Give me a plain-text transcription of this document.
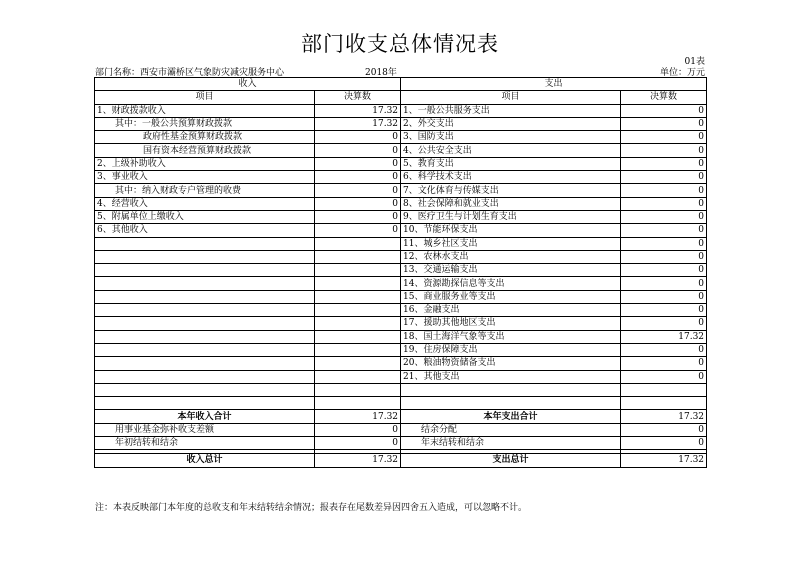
部门收支总体情况表
01表
部门名称：西安市灞桥区气象防灾减灾服务中心	2018年	单位：万元
收入		支出	
项目	决算数	项目	决算数
1、财政拨款收入	17.32	1、一般公共服务支出	0
其中：一般公共预算财政拨款	17.32	2、外交支出	0
政府性基金预算财政拨款	0	3、国防支出	0
国有资本经营预算财政拨款	0	4、公共安全支出	0
2、上级补助收入	0	5、教育支出	0
3、事业收入	0	6、科学技术支出	0
其中：纳入财政专户管理的收费	0	7、文化体育与传媒支出	0
4、经营收入	0	8、社会保障和就业支出	0
5、附属单位上缴收入	0	9、医疗卫生与计划生育支出	0
6、其他收入	0	10、节能环保支出	0
		11、城乡社区支出	0
		12、农林水支出	0
		13、交通运输支出	0
		14、资源勘探信息等支出	0
		15、商业服务业等支出	0
		16、金融支出	0
		17、援助其他地区支出	0
		18、国土海洋气象等支出	17.32
		19、住房保障支出	0
		20、粮油物资储备支出	0
		21、其他支出	0

本年收入合计	17.32	本年支出合计	17.32
用事业基金弥补收支差额	0	结余分配	0
年初结转和结余	0	年末结转和结余	0

收入总计	17.32	支出总计	17.32
注：本表反映部门本年度的总收支和年末结转结余情况；报表存在尾数差异因四舍五入造成，可以忽略不计。
